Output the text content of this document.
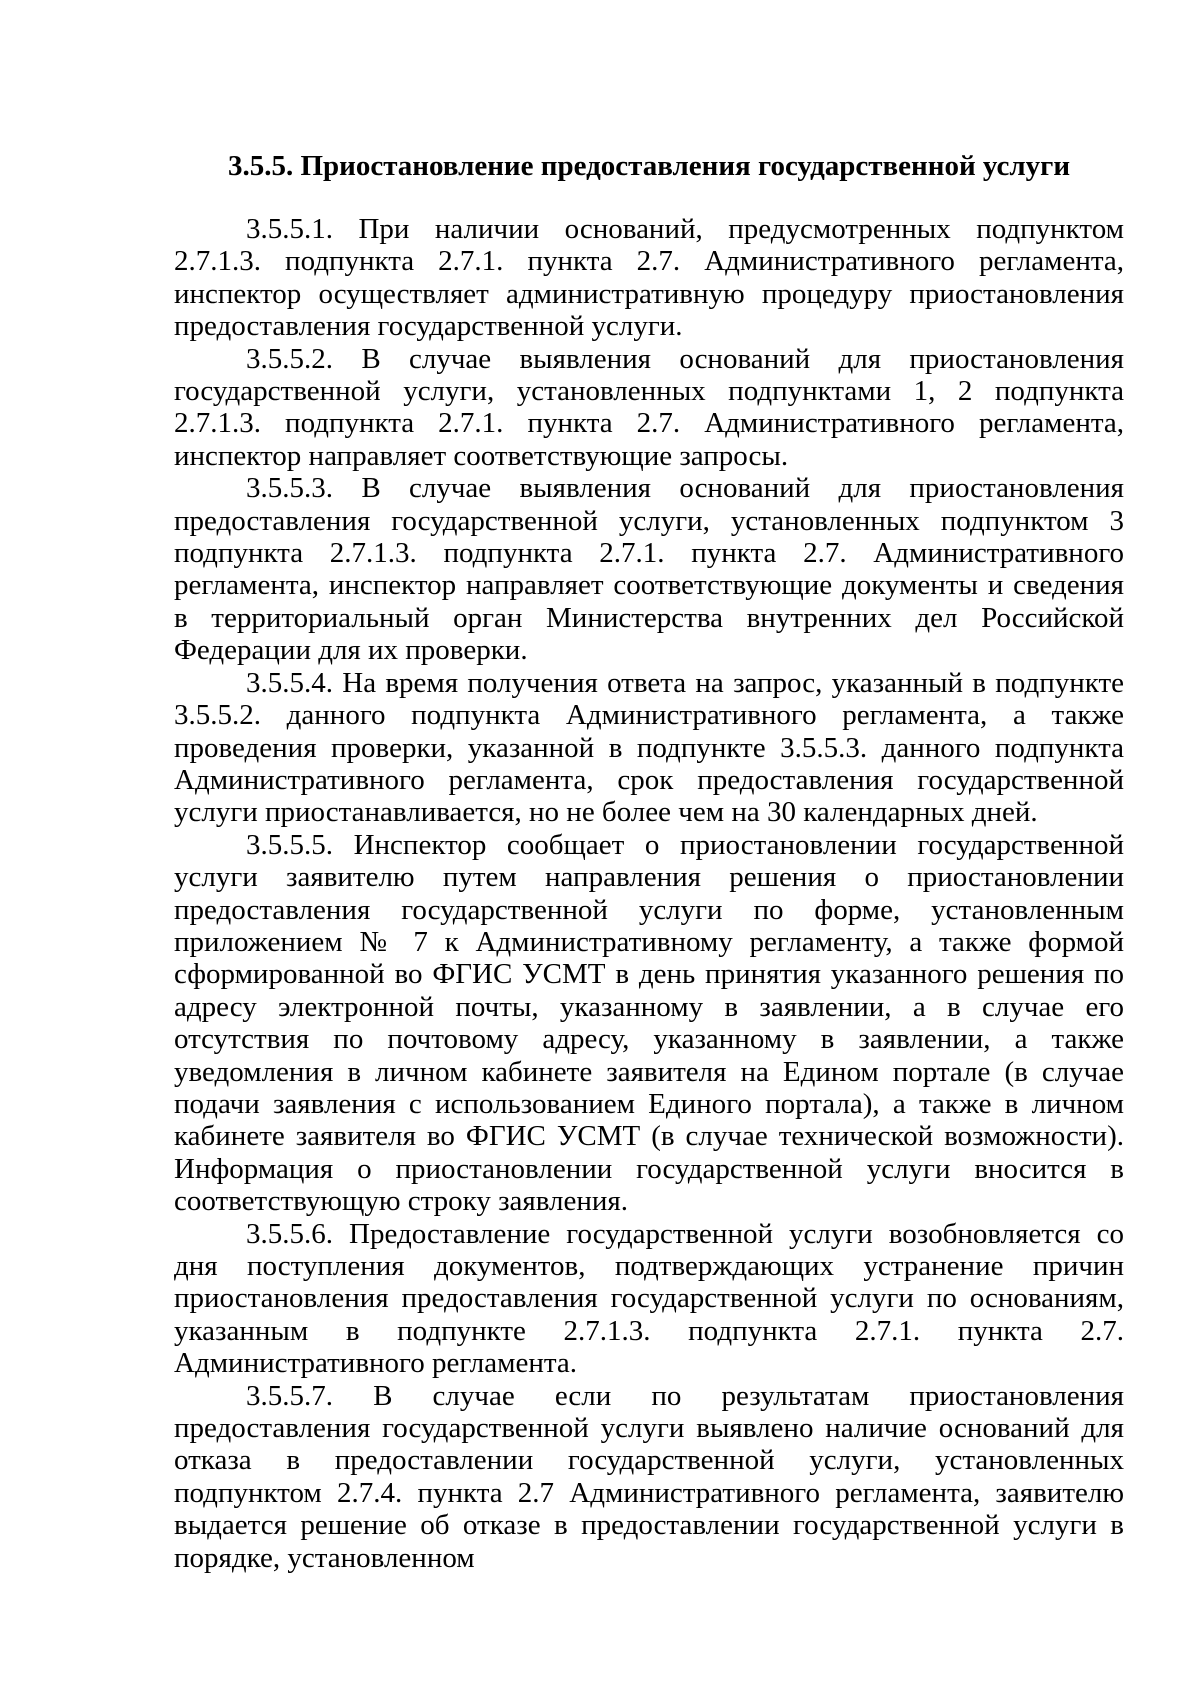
3.5.5. Приостановление предоставления государственной услуги

3.5.5.1. При наличии оснований, предусмотренных подпунктом 2.7.1.3. подпункта 2.7.1. пункта 2.7. Административного регламента, инспектор осуществляет административную процедуру приостановления предоставления государственной услуги.

3.5.5.2. В случае выявления оснований для приостановления государственной услуги, установленных подпунктами 1, 2 подпункта 2.7.1.3. подпункта 2.7.1. пункта 2.7. Административного регламента, инспектор направляет соответствующие запросы.

3.5.5.3. В случае выявления оснований для приостановления предоставления государственной услуги, установленных подпунктом 3 подпункта 2.7.1.3. подпункта 2.7.1. пункта 2.7. Административного регламента, инспектор направляет соответствующие документы и сведения в территориальный орган Министерства внутренних дел Российской Федерации для их проверки.

3.5.5.4. На время получения ответа на запрос, указанный в подпункте 3.5.5.2. данного подпункта Административного регламента, а также проведения проверки, указанной в подпункте 3.5.5.3. данного подпункта Административного регламента, срок предоставления государственной услуги приостанавливается, но не более чем на 30 календарных дней.

3.5.5.5. Инспектор сообщает о приостановлении государственной услуги заявителю путем направления решения о приостановлении предоставления государственной услуги по форме, установленным приложением № 7 к Административному регламенту, а также формой сформированной во ФГИС УСМТ в день принятия указанного решения по адресу электронной почты, указанному в заявлении, а в случае его отсутствия по почтовому адресу, указанному в заявлении, а также уведомления в личном кабинете заявителя на Едином портале (в случае подачи заявления с использованием Единого портала), а также в личном кабинете заявителя во ФГИС УСМТ (в случае технической возможности). Информация о приостановлении государственной услуги вносится в соответствующую строку заявления.

3.5.5.6. Предоставление государственной услуги возобновляется со дня поступления документов, подтверждающих устранение причин приостановления предоставления государственной услуги по основаниям, указанным в подпункте 2.7.1.3. подпункта 2.7.1. пункта 2.7. Административного регламента.

3.5.5.7. В случае если по результатам приостановления предоставления государственной услуги выявлено наличие оснований для отказа в предоставлении государственной услуги, установленных подпунктом 2.7.4. пункта 2.7 Административного регламента, заявителю выдается решение об отказе в предоставлении государственной услуги в порядке, установленном
